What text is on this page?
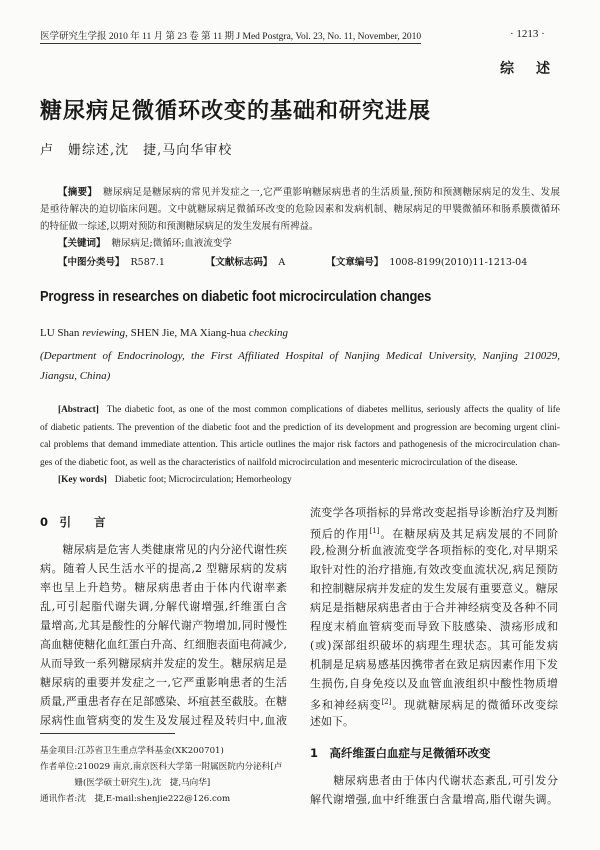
医学研究生学报 2010 年 11 月 第 23 卷 第 11 期 J Med Postgra, Vol. 23, No. 11, November, 2010	· 1213 ·
综述
糖尿病足微循环改变的基础和研究进展
卢　姗综述,沈　捷,马向华审校
【摘要】 糖尿病足是糖尿病的常见并发症之一,它严重影响糖尿病患者的生活质量,预防和预测糖尿病足的发生、发展
是亟待解决的迫切临床问题。文中就糖尿病足微循环改变的危险因素和发病机制、糖尿病足的甲襞微循环和肠系膜微循环
的特征做一综述,以期对预防和预测糖尿病足的发生发展有所裨益。
【关键词】 糖尿病足;微循环;血液流变学
【中图分类号】 R587.1	【文献标志码】 A	【文章编号】 1008-8199(2010)11-1213-04
Progress in researches on diabetic foot microcirculation changes
LU Shan reviewing, SHEN Jie, MA Xiang-hua checking
(Department of Endocrinology, the First Affiliated Hospital of Nanjing Medical University, Nanjing 210029,
Jiangsu, China)
[Abstract] The diabetic foot, as one of the most common complications of diabetes mellitus, seriously affects the quality of life
of diabetic patients. The prevention of the diabetic foot and the prediction of its development and progression are becoming urgent clini-
cal problems that demand immediate attention. This article outlines the major risk factors and pathogenesis of the microcirculation chan-
ges of the diabetic foot, as well as the characteristics of nailfold microcirculation and mesenteric microcirculation of the disease.
[Key words] Diabetic foot; Microcirculation; Hemorheology
0　引　　言
　　糖尿病是危害人类健康常见的内分泌代谢性疾
病。随着人民生活水平的提高,2 型糖尿病的发病
率也呈上升趋势。糖尿病患者由于体内代谢率紊
乱,可引起脂代谢失调,分解代谢增强,纤维蛋白含
量增高,尤其是酸性的分解代谢产物增加,同时慢性
高血糖使糖化血红蛋白升高、红细胞表面电荷减少,
从而导致一系列糖尿病并发症的发生。糖尿病足是
糖尿病的重要并发症之一,它严重影响患者的生活
质量,严重患者存在足部感染、坏疽甚至截肢。在糖
尿病性血管病变的发生及发展过程及转归中,血液
基金项目:江苏省卫生重点学科基金(XK200701)
作者单位:210029 南京,南京医科大学第一附属医院内分泌科[卢
　　　　姗(医学硕士研究生),沈　捷,马向华]
通讯作者:沈　捷,E-mail:shenjie222@126.com
流变学各项指标的异常改变起指导诊断治疗及判断
预后的作用[1]。在糖尿病及其足病发展的不同阶
段,检测分析血液流变学各项指标的变化,对早期采
取针对性的治疗措施,有效改变血流状况,病足预防
和控制糖尿病并发症的发生发展有重要意义。糖尿
病足是指糖尿病患者由于合并神经病变及各种不同
程度末梢血管病变而导致下肢感染、溃疡形成和
(或)深部组织破坏的病理生理状态。其可能发病
机制是足病易感基因携带者在致足病因素作用下发
生损伤,自身免疫以及血管血液组织中酸性物质增
多和神经病变[2]。现就糖尿病足的微循环改变综
述如下。
1　高纤维蛋白血症与足微循环改变
　　糖尿病患者由于体内代谢状态紊乱,可引发分
解代谢增强,血中纤维蛋白含量增高,脂代谢失调。
